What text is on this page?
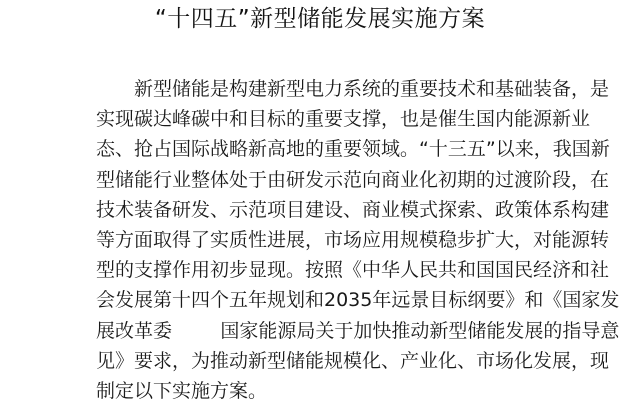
“十四五”新型储能发展实施方案
新型储能是构建新型电力系统的重要技术和基础装备，是
实现碳达峰碳中和目标的重要支撑，也是催生国内能源新业
态、抢占国际战略新高地的重要领域。“十三五”以来，我国新
型储能行业整体处于由研发示范向商业化初期的过渡阶段，在
技术装备研发、示范项目建设、商业模式探索、政策体系构建
等方面取得了实质性进展，市场应用规模稳步扩大，对能源转
型的支撑作用初步显现。按照《中华人民共和国国民经济和社
会发展第十四个五年规划和2035年远景目标纲要》和《国家发
展改革委        国家能源局关于加快推动新型储能发展的指导意
见》要求，为推动新型储能规模化、产业化、市场化发展，现
制定以下实施方案。
